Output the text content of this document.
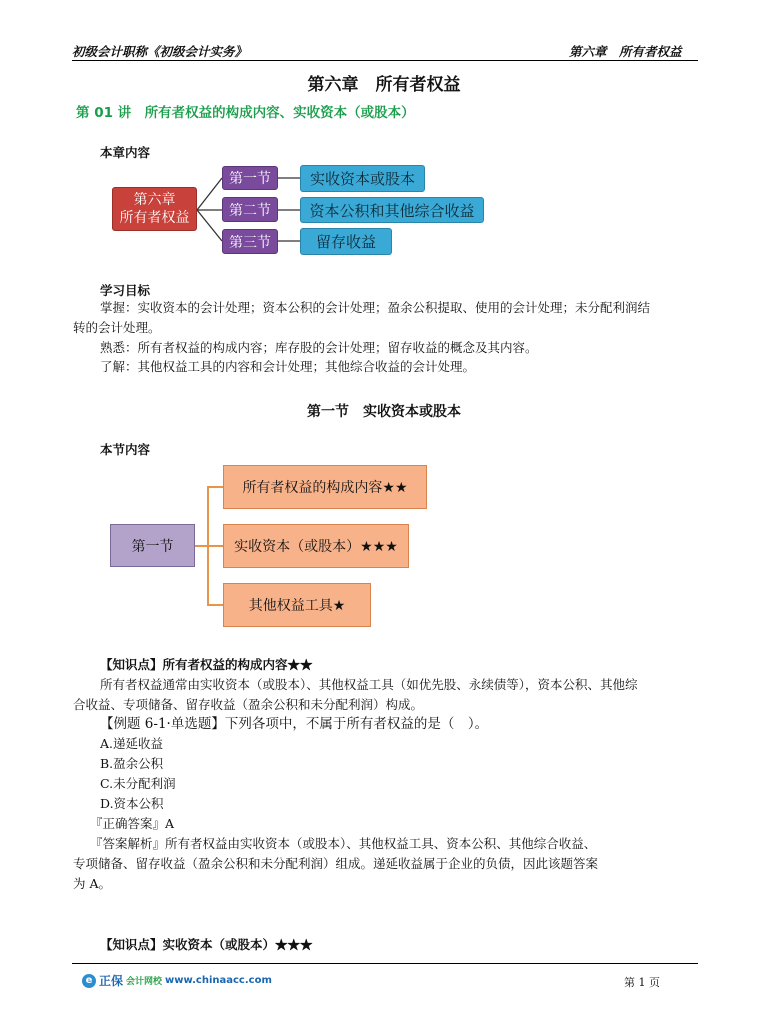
初级会计职称《初级会计实务》	第六章　所有者权益
第六章　所有者权益
第 01 讲　所有者权益的构成内容、实收资本（或股本）
本章内容
第六章
所有者权益
第一节
第二节
第三节
实收资本或股本
资本公积和其他综合收益
留存收益
学习目标
掌握：实收资本的会计处理；资本公积的会计处理；盈余公积提取、使用的会计处理；未分配利润结
转的会计处理。
熟悉：所有者权益的构成内容；库存股的会计处理；留存收益的概念及其内容。
了解：其他权益工具的内容和会计处理；其他综合收益的会计处理。
第一节　实收资本或股本
本节内容
第一节
所有者权益的构成内容★★
实收资本（或股本）★★★
其他权益工具★
【知识点】所有者权益的构成内容★★
所有者权益通常由实收资本（或股本）、其他权益工具（如优先股、永续债等），资本公积、其他综
合收益、专项储备、留存收益（盈余公积和未分配利润）构成。
【例题 6-1·单选题】下列各项中，不属于所有者权益的是（　）。
A.递延收益
B.盈余公积
C.未分配利润
D.资本公积
『正确答案』A
『答案解析』所有者权益由实收资本（或股本）、其他权益工具、资本公积、其他综合收益、
专项储备、留存收益（盈余公积和未分配利润）组成。递延收益属于企业的负债，因此该题答案
为 A。
【知识点】实收资本（或股本）★★★
e 正保 会计网校 www.chinaacc.com	第 1 页
